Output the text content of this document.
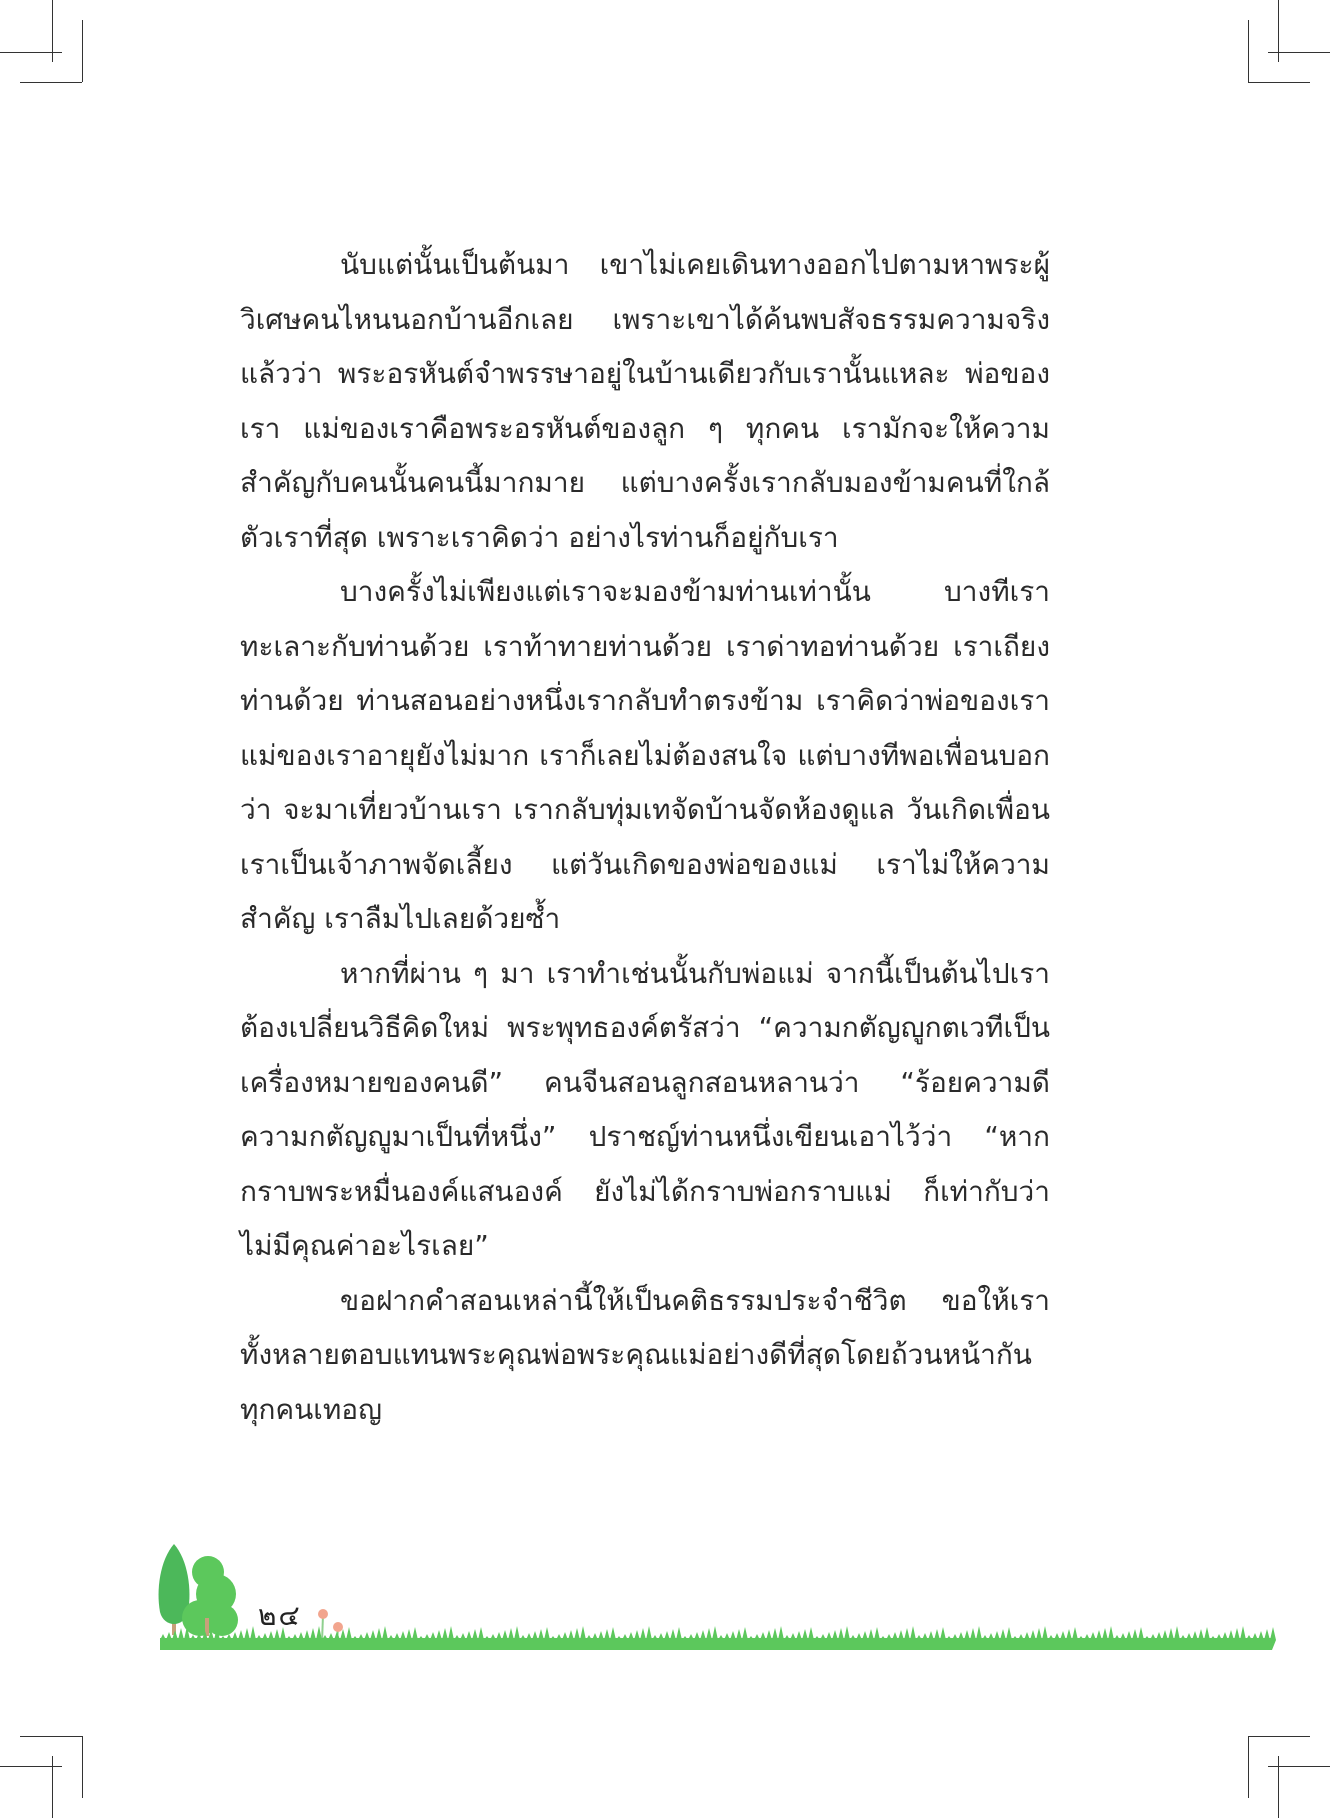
นับแต่นั้นเป็นต้นมา เขาไม่เคยเดินทางออกไปตามหาพระผู้วิเศษคนไหนนอกบ้านอีกเลย เพราะเขาได้ค้นพบสัจธรรมความจริงแล้วว่า พระอรหันต์จำพรรษาอยู่ในบ้านเดียวกับเรานั้นแหละ พ่อของเรา แม่ของเราคือพระอรหันต์ของลูก ๆ ทุกคน เรามักจะให้ความสำคัญกับคนนั้นคนนี้มากมาย แต่บางครั้งเรากลับมองข้ามคนที่ใกล้ตัวเราที่สุด เพราะเราคิดว่า อย่างไรท่านก็อยู่กับเรา

บางครั้งไม่เพียงแต่เราจะมองข้ามท่านเท่านั้น บางทีเราทะเลาะกับท่านด้วย เราท้าทายท่านด้วย เราด่าทอท่านด้วย เราเถียงท่านด้วย ท่านสอนอย่างหนึ่งเรากลับทำตรงข้าม เราคิดว่าพ่อของเรา แม่ของเราอายุยังไม่มาก เราก็เลยไม่ต้องสนใจ แต่บางทีพอเพื่อนบอกว่า จะมาเที่ยวบ้านเรา เรากลับทุ่มเทจัดบ้านจัดห้องดูแล วันเกิดเพื่อน เราเป็นเจ้าภาพจัดเลี้ยง แต่วันเกิดของพ่อของแม่ เราไม่ให้ความสำคัญ เราลืมไปเลยด้วยซ้ำ

หากที่ผ่าน ๆ มา เราทำเช่นนั้นกับพ่อแม่ จากนี้เป็นต้นไปเราต้องเปลี่ยนวิธีคิดใหม่ พระพุทธองค์ตรัสว่า “ความกตัญญูกตเวทีเป็นเครื่องหมายของคนดี” คนจีนสอนลูกสอนหลานว่า “ร้อยความดี ความกตัญญูมาเป็นที่หนึ่ง” ปราชญ์ท่านหนึ่งเขียนเอาไว้ว่า “หากกราบพระหมื่นองค์แสนองค์ ยังไม่ได้กราบพ่อกราบแม่ ก็เท่ากับว่าไม่มีคุณค่าอะไรเลย”

ขอฝากคำสอนเหล่านี้ให้เป็นคติธรรมประจำชีวิต ขอให้เราทั้งหลายตอบแทนพระคุณพ่อพระคุณแม่อย่างดีที่สุดโดยถ้วนหน้ากันทุกคนเทอญ

๒๔
